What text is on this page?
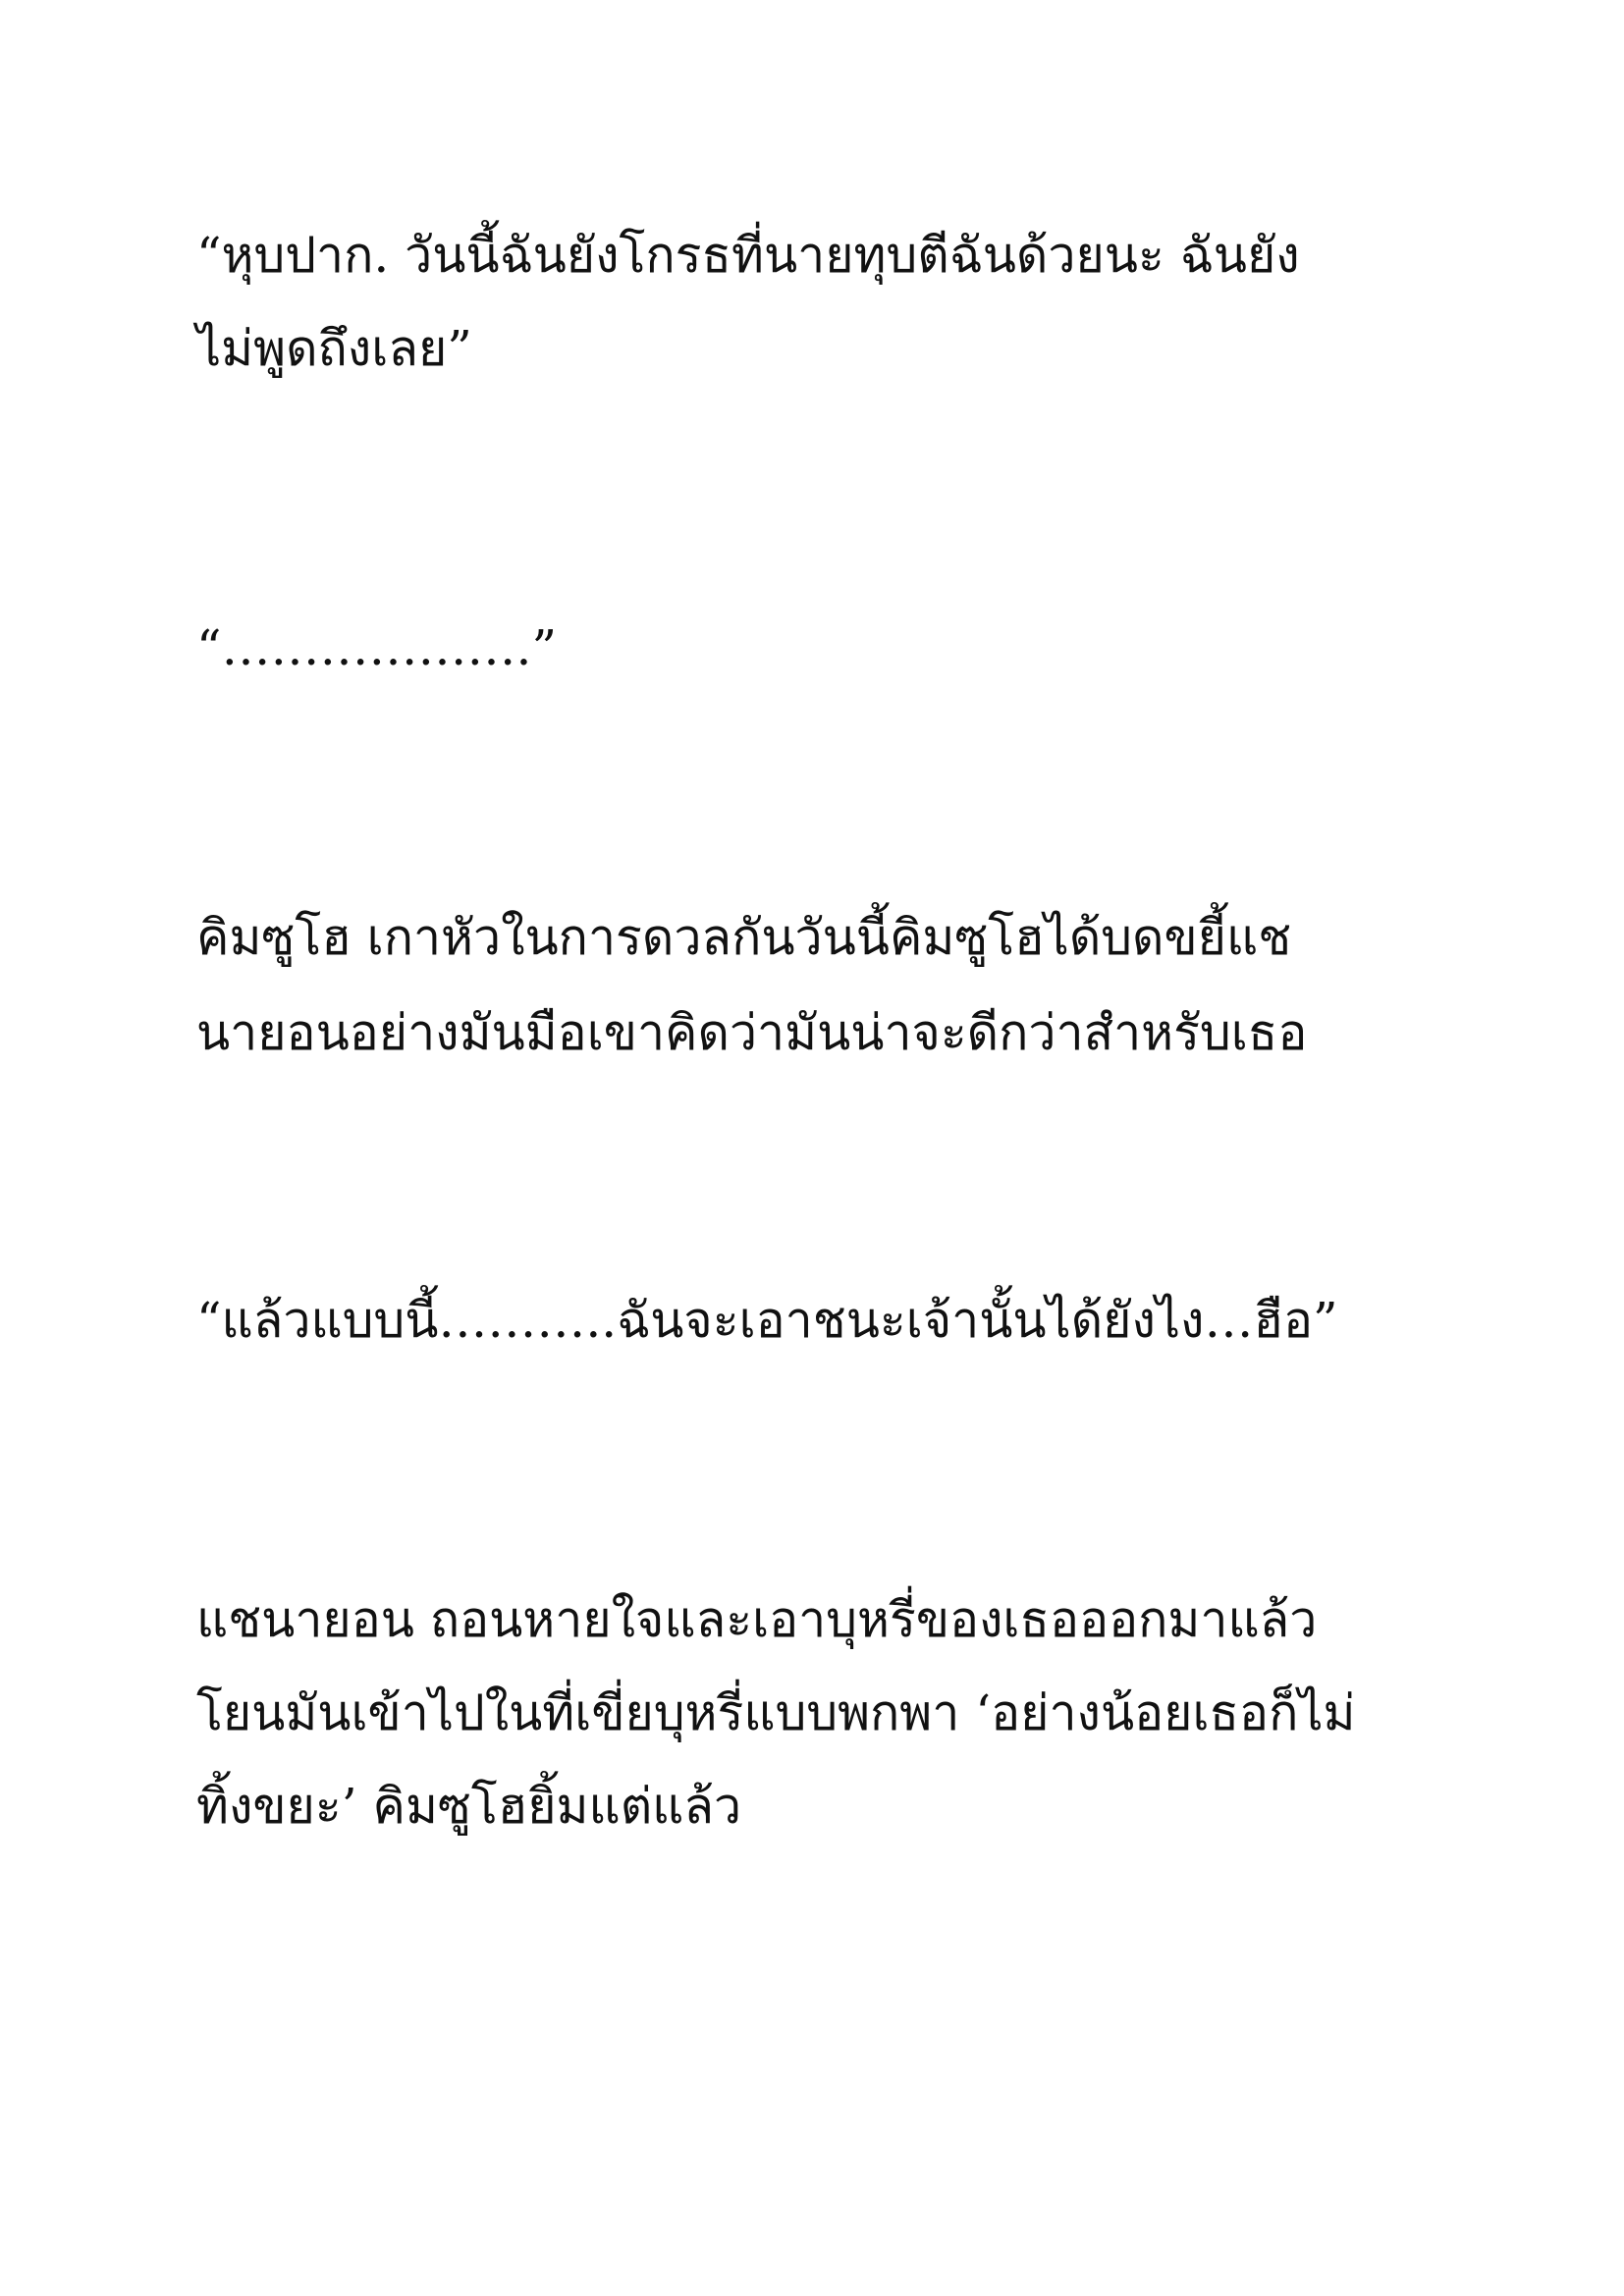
“หุบปาก. วันนี้ฉันยังโกรธที่นายทุบตีฉันด้วยนะ ฉันยัง
ไม่พูดถึงเลย”
“……………….”
คิมซูโฮ เกาหัวในการดวลกันวันนี้คิมซูโฮได้บดขยี้แช
นายอนอย่างมันมือเขาคิดว่ามันน่าจะดีกว่าสำหรับเธอ
“แล้วแบบนี้………..ฉันจะเอาชนะเจ้านั้นได้ยังไง…ฮือ”
แชนายอน ถอนหายใจและเอาบุหรี่ของเธอออกมาแล้ว
โยนมันเข้าไปในที่เขี่ยบุหรี่แบบพกพา ‘อย่างน้อยเธอก็ไม่
ทิ้งขยะ’ คิมซูโฮยิ้มแต่แล้ว
